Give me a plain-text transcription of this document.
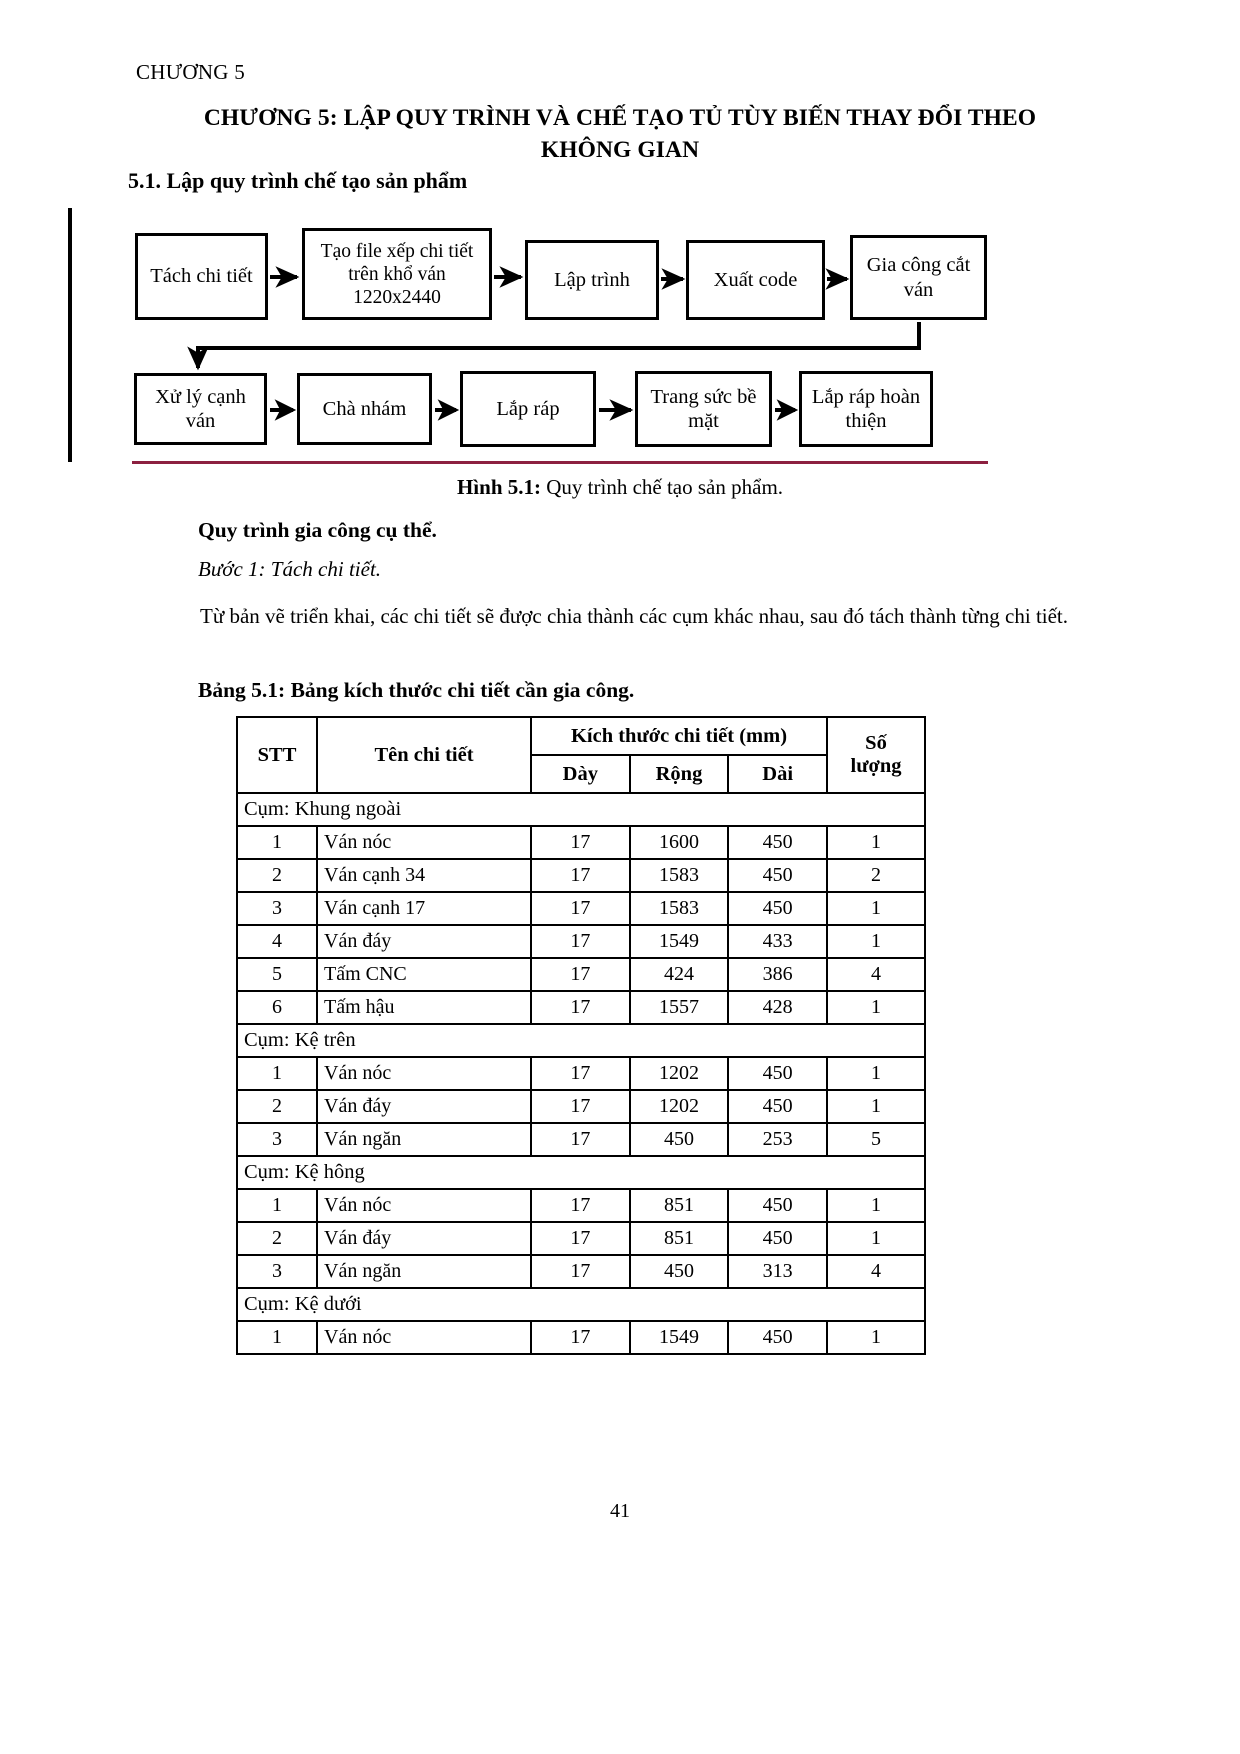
CHƯƠNG 5
CHƯƠNG 5: LẬP QUY TRÌNH VÀ CHẾ TẠO TỦ TÙY BIẾN THAY ĐỔI THEO
KHÔNG GIAN
5.1. Lập quy trình chế tạo sản phẩm
Tách chi tiết
Tạo file xếp chi tiết trên khổ ván 1220x2440
Lập trình	Xuất code
Gia công cắt ván
Xử lý cạnh ván
Chà nhám	Lắp ráp
Trang sức bề mặt
Lắp ráp hoàn thiện
Hình 5.1: Quy trình chế tạo sản phẩm.
Quy trình gia công cụ thể.
Bước 1: Tách chi tiết.
Từ bản vẽ triển khai, các chi tiết sẽ được chia thành các cụm khác nhau, sau đó tách thành từng chi tiết.
Bảng 5.1: Bảng kích thước chi tiết cần gia công.
STT	Tên chi tiết	Kích thước chi tiết (mm)			Số
lượng

		Dày	Rộng	Dài	
Cụm: Khung ngoài					
1	Ván nóc	17	1600	450	1
2	Ván cạnh 34	17	1583	450	2
3	Ván cạnh 17	17	1583	450	1
4	Ván đáy	17	1549	433	1
5	Tấm CNC	17	424	386	4
6	Tấm hậu	17	1557	428	1
Cụm: Kệ trên					
1	Ván nóc	17	1202	450	1
2	Ván đáy	17	1202	450	1
3	Ván ngăn	17	450	253	5
Cụm: Kệ hông					
1	Ván nóc	17	851	450	1
2	Ván đáy	17	851	450	1
3	Ván ngăn	17	450	313	4
Cụm: Kệ dưới					
1	Ván nóc	17	1549	450	1
41
